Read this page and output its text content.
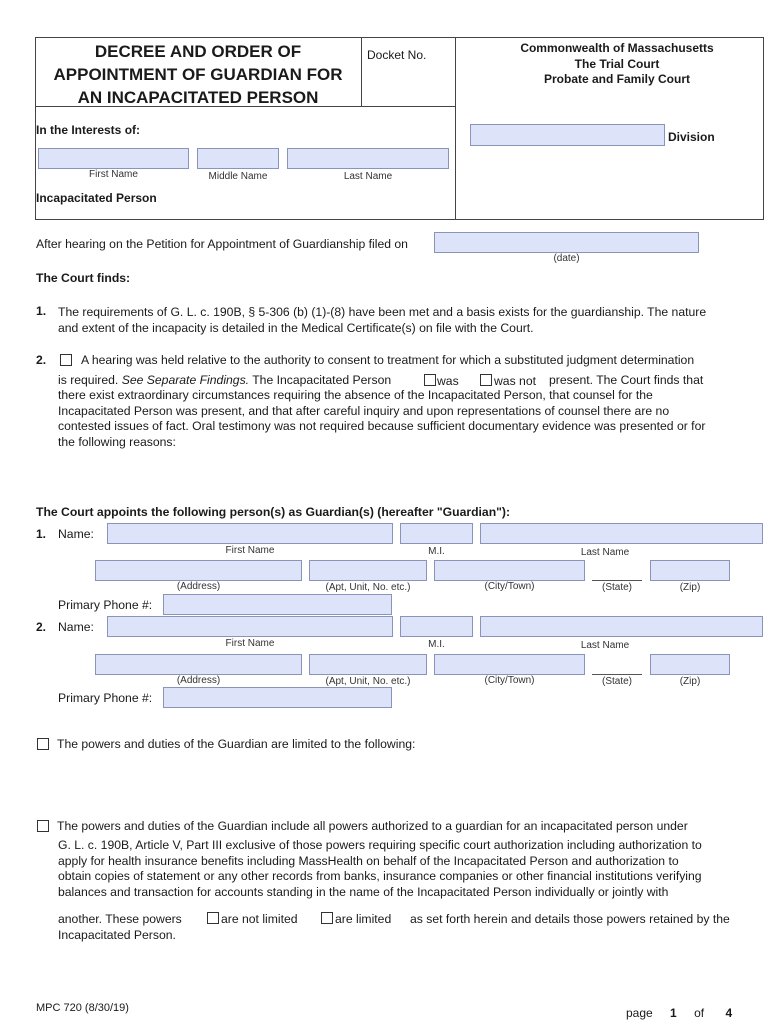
DECREE AND ORDER OF
APPOINTMENT OF GUARDIAN FOR
AN INCAPACITATED PERSON
Docket No.	Commonwealth of Massachusetts
The Trial Court
Probate and Family Court
In the Interests of:	Division
First Name	Middle Name	Last Name
Incapacitated Person
After hearing on the Petition for Appointment of Guardianship filed on
(date)
The Court finds:
1. The requirements of G. L. c. 190B, § 5-306 (b) (1)-(8) have been met and a basis exists for the guardianship. The nature
and extent of the incapacity is detailed in the Medical Certificate(s) on file with the Court.
2.	A hearing was held relative to the authority to consent to treatment for which a substituted judgment determination
is required. See Separate Findings. The Incapacitated Person	was	was not present. The Court finds that
there exist extraordinary circumstances requiring the absence of the Incapacitated Person, that counsel for the
Incapacitated Person was present, and that after careful inquiry and upon representations of counsel there are no
contested issues of fact. Oral testimony was not required because sufficient documentary evidence was presented or for
the following reasons:
The Court appoints the following person(s) as Guardian(s) (hereafter "Guardian"):
1. Name:
First Name	M.I.	Last Name
(Address)	(Apt, Unit, No. etc.)	(City/Town)	(State)	(Zip)
Primary Phone #:
2. Name:
First Name	M.I.	Last Name
(Address)	(Apt, Unit, No. etc.)	(City/Town)	(State)	(Zip)
Primary Phone #:
The powers and duties of the Guardian are limited to the following:
The powers and duties of the Guardian include all powers authorized to a guardian for an incapacitated person under
G. L. c. 190B, Article V, Part III exclusive of those powers requiring specific court authorization including authorization to
apply for health insurance benefits including MassHealth on behalf of the Incapacitated Person and authorization to
obtain copies of statement or any other records from banks, insurance companies or other financial institutions verifying
balances and transaction for accounts standing in the name of the Incapacitated Person individually or jointly with
another. These powers	are not limited	are limited as set forth herein and details those powers retained by the
Incapacitated Person.
MPC 720 (8/30/19)	page 1 of 4
